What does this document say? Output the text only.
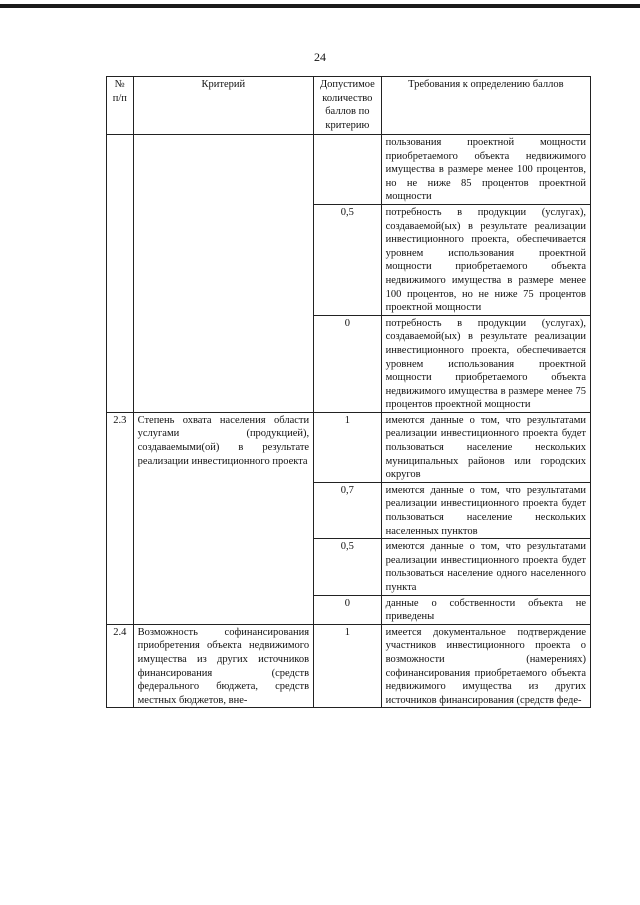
24
№ п/п	Критерий	Допустимое количество баллов по критерию	Требования к определению баллов
			пользования проектной мощности приобретаемого объекта недвижимого имущества в размере менее 100 процентов, но не ниже 85 процентов проектной мощности
		0,5	потребность в продукции (услугах), создаваемой(ых) в результате реализации инвестиционного проекта, обеспечивается уровнем использования проектной мощности приобретаемого объекта недвижимого имущества в размере менее 100 процентов, но не ниже 75 процентов проектной мощности
		0	потребность в продукции (услугах), создаваемой(ых) в результате реализации инвестиционного проекта, обеспечивается уровнем использования проектной мощности приобретаемого объекта недвижимого имущества в размере менее 75 процентов проектной мощности
2.3	Степень охвата населения области услугами (продукцией), создаваемыми(ой) в результате реализации инвестиционного проекта	1	имеются данные о том, что результатами реализации инвестиционного проекта будет пользоваться население нескольких муниципальных районов или городских округов
		0,7	имеются данные о том, что результатами реализации инвестиционного проекта будет пользоваться население нескольких населенных пунктов
		0,5	имеются данные о том, что результатами реализации инвестиционного проекта будет пользоваться население одного населенного пункта
		0	данные о собственности объекта не приведены
2.4	Возможность софинансирования приобретения объекта недвижимого имущества из других источников финансирования (средств федерального бюджета, средств местных бюджетов, вне-	1	имеется документальное подтверждение участников инвестиционного проекта о возможности (намерениях) софинансирования приобретаемого объекта недвижимого имущества из других источников финансирования (средств феде-
